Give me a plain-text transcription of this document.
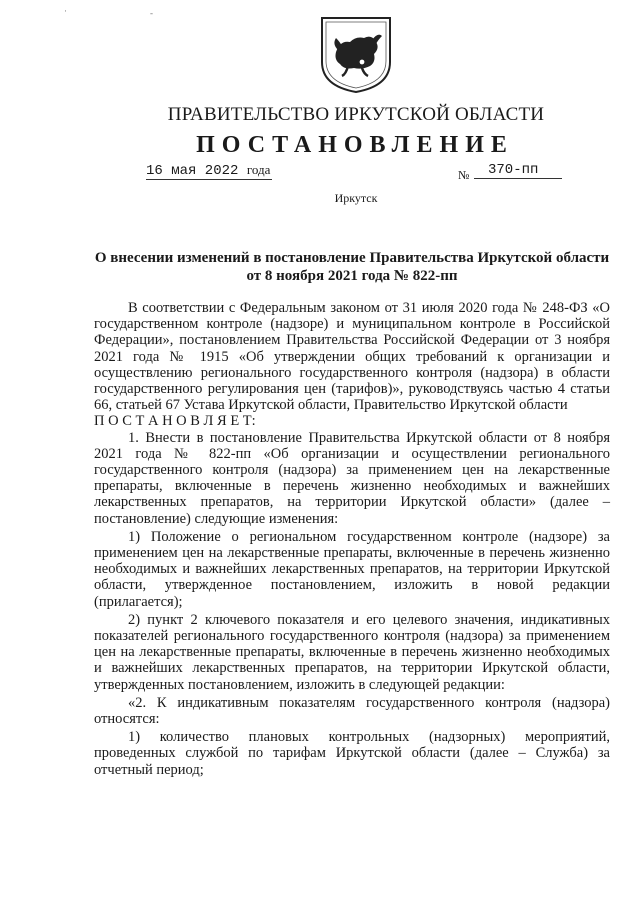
·	-
ПРАВИТЕЛЬСТВО ИРКУТСКОЙ ОБЛАСТИ
ПОСТАНОВЛЕНИЕ
16 мая 2022 года	№	370-пп
Иркутск
О внесении изменений в постановление Правительства Иркутской области
от 8 ноября 2021 года № 822-пп

В соответствии с Федеральным законом от 31 июля 2020 года № 248-ФЗ «О государственном контроле (надзоре) и муниципальном контроле в Российской Федерации», постановлением Правительства Российской Федерации от 3 ноября 2021 года № 1915 «Об утверждении общих требований к организации и осуществлению регионального государственного контроля (надзора) в области государственного регулирования цен (тарифов)», руководствуясь частью 4 статьи 66, статьей 67 Устава Иркутской области, Правительство Иркутской области

П О С Т А Н О В Л Я Е Т:

1. Внести в постановление Правительства Иркутской области от 8 ноября 2021 года № 822-пп «Об организации и осуществлении регионального государственного контроля (надзора) за применением цен на лекарственные препараты, включенные в перечень жизненно необходимых и важнейших лекарственных препаратов, на территории Иркутской области» (далее – постановление) следующие изменения:

1) Положение о региональном государственном контроле (надзоре) за применением цен на лекарственные препараты, включенные в перечень жизненно необходимых и важнейших лекарственных препаратов, на территории Иркутской области, утвержденное постановлением, изложить в новой редакции (прилагается);

2) пункт 2 ключевого показателя и его целевого значения, индикативных показателей регионального государственного контроля (надзора) за применением цен на лекарственные препараты, включенные в перечень жизненно необходимых и важнейших лекарственных препаратов, на территории Иркутской области, утвержденных постановлением, изложить в следующей редакции:

«2. К индикативным показателям государственного контроля (надзора) относятся:

1) количество плановых контрольных (надзорных) мероприятий, проведенных службой по тарифам Иркутской области (далее – Служба) за отчетный период;
